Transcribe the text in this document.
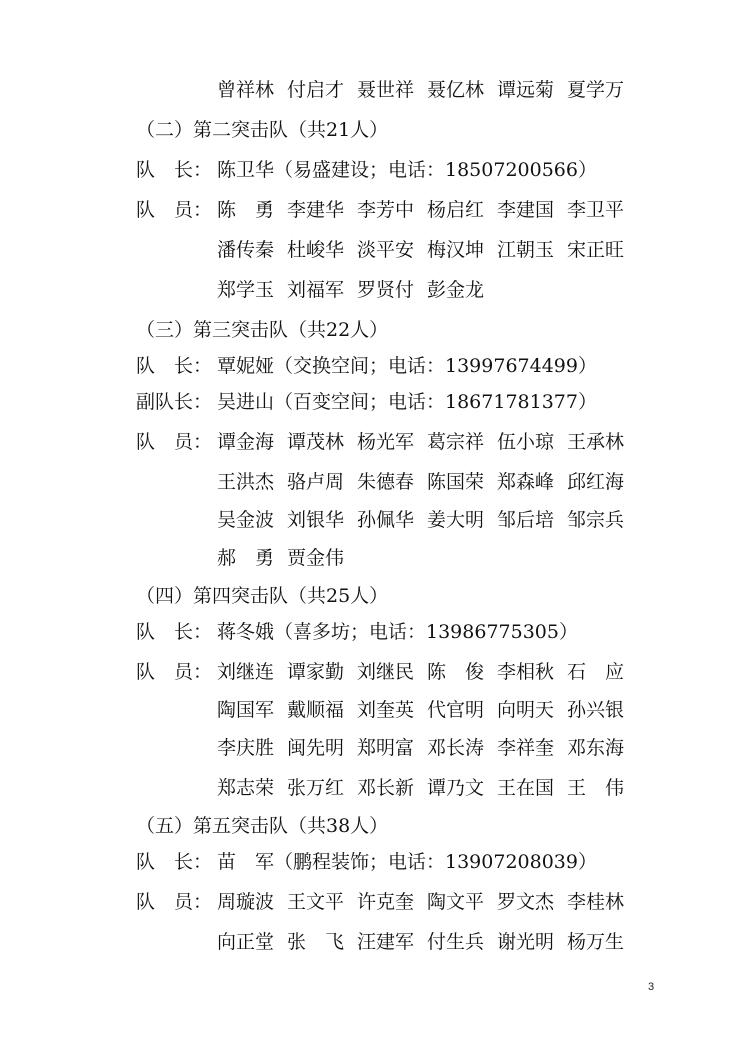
曾祥林 付启才 聂世祥 聂亿林 谭远菊 夏学万
（二）第二突击队（共21人）
队　长： 陈卫华（易盛建设；电话：18507200566）
队　员： 陈　勇 李建华 李芳中 杨启红 李建国 李卫平
潘传秦 杜峻华 淡平安 梅汉坤 江朝玉 宋正旺
郑学玉 刘福军 罗贤付 彭金龙
（三）第三突击队（共22人）
队　长： 覃妮娅（交换空间；电话：13997674499）
副队长： 吴进山（百变空间；电话：18671781377）
队　员： 谭金海 谭茂林 杨光军 葛宗祥 伍小琼 王承林
王洪杰 骆卢周 朱德春 陈国荣 郑森峰 邱红海
吴金波 刘银华 孙佩华 姜大明 邹后培 邹宗兵
郝　勇 贾金伟
（四）第四突击队（共25人）
队　长： 蒋冬娥（喜多坊；电话：13986775305）
队　员： 刘继连 谭家勤 刘继民 陈　俊 李相秋 石　应
陶国军 戴顺福 刘奎英 代官明 向明天 孙兴银
李庆胜 闽先明 郑明富 邓长涛 李祥奎 邓东海
郑志荣 张万红 邓长新 谭乃文 王在国 王　伟
（五）第五突击队（共38人）
队　长： 苗　军（鹏程装饰；电话：13907208039）
队　员： 周璇波 王文平 许克奎 陶文平 罗文杰 李桂林
向正堂 张　飞 汪建军 付生兵 谢光明 杨万生
3
